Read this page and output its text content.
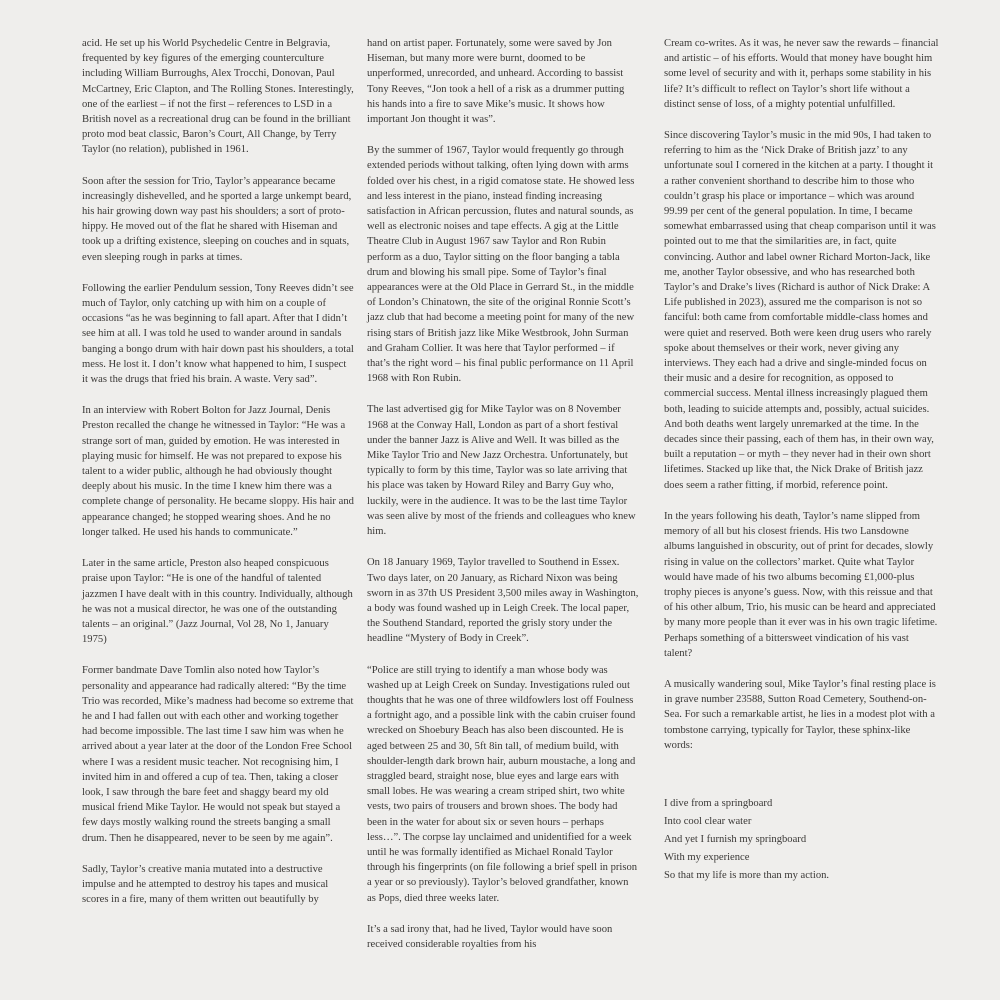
acid. He set up his World Psychedelic Centre in Belgravia, frequented by key figures of the emerging counterculture including William Burroughs, Alex Trocchi, Donovan, Paul McCartney, Eric Clapton, and The Rolling Stones. Interestingly, one of the earliest – if not the first – references to LSD in a British novel as a recreational drug can be found in the brilliant proto mod beat classic, Baron’s Court, All Change, by Terry Taylor (no relation), published in 1961.

Soon after the session for Trio, Taylor’s appearance became increasingly dishevelled, and he sported a large unkempt beard, his hair growing down way past his shoulders; a sort of proto-hippy. He moved out of the flat he shared with Hiseman and took up a drifting existence, sleeping on couches and in squats, even sleeping rough in parks at times.

Following the earlier Pendulum session, Tony Reeves didn’t see much of Taylor, only catching up with him on a couple of occasions “as he was beginning to fall apart. After that I didn’t see him at all. I was told he used to wander around in sandals banging a bongo drum with hair down past his shoulders, a total mess. He lost it. I don’t know what happened to him, I suspect it was the drugs that fried his brain. A waste. Very sad”.

In an interview with Robert Bolton for Jazz Journal, Denis Preston recalled the change he witnessed in Taylor: “He was a strange sort of man, guided by emotion. He was interested in playing music for himself. He was not prepared to expose his talent to a wider public, although he had obviously thought deeply about his music. In the time I knew him there was a complete change of personality. He became sloppy. His hair and appearance changed; he stopped wearing shoes. And he no longer talked. He used his hands to communicate.”

Later in the same article, Preston also heaped conspicuous praise upon Taylor: “He is one of the handful of talented jazzmen I have dealt with in this country. Individually, although he was not a musical director, he was one of the outstanding talents – an original.” (Jazz Journal, Vol 28, No 1, January 1975)

Former bandmate Dave Tomlin also noted how Taylor’s personality and appearance had radically altered: “By the time Trio was recorded, Mike’s madness had become so extreme that he and I had fallen out with each other and working together had become impossible. The last time I saw him was when he arrived about a year later at the door of the London Free School where I was a resident music teacher. Not recognising him, I invited him in and offered a cup of tea. Then, taking a closer look, I saw through the bare feet and shaggy beard my old musical friend Mike Taylor. He would not speak but stayed a few days mostly walking round the streets banging a small drum. Then he disappeared, never to be seen by me again”.

Sadly, Taylor’s creative mania mutated into a destructive impulse and he attempted to destroy his tapes and musical scores in a fire, many of them written out beautifully by

hand on artist paper. Fortunately, some were saved by Jon Hiseman, but many more were burnt, doomed to be unperformed, unrecorded, and unheard. According to bassist Tony Reeves, “Jon took a hell of a risk as a drummer putting his hands into a fire to save Mike’s music. It shows how important Jon thought it was”.

By the summer of 1967, Taylor would frequently go through extended periods without talking, often lying down with arms folded over his chest, in a rigid comatose state. He showed less and less interest in the piano, instead finding increasing satisfaction in African percussion, flutes and natural sounds, as well as electronic noises and tape effects. A gig at the Little Theatre Club in August 1967 saw Taylor and Ron Rubin perform as a duo, Taylor sitting on the floor banging a tabla drum and blowing his small pipe. Some of Taylor’s final appearances were at the Old Place in Gerrard St., in the middle of London’s Chinatown, the site of the original Ronnie Scott’s jazz club that had become a meeting point for many of the new rising stars of British jazz like Mike Westbrook, John Surman and Graham Collier. It was here that Taylor performed – if that’s the right word – his final public performance on 11 April 1968 with Ron Rubin.

The last advertised gig for Mike Taylor was on 8 November 1968 at the Conway Hall, London as part of a short festival under the banner Jazz is Alive and Well. It was billed as the Mike Taylor Trio and New Jazz Orchestra. Unfortunately, but typically to form by this time, Taylor was so late arriving that his place was taken by Howard Riley and Barry Guy who, luckily, were in the audience. It was to be the last time Taylor was seen alive by most of the friends and colleagues who knew him.

On 18 January 1969, Taylor travelled to Southend in Essex. Two days later, on 20 January, as Richard Nixon was being sworn in as 37th US President 3,500 miles away in Washington, a body was found washed up in Leigh Creek. The local paper, the Southend Standard, reported the grisly story under the headline “Mystery of Body in Creek”.

“Police are still trying to identify a man whose body was washed up at Leigh Creek on Sunday. Investigations ruled out thoughts that he was one of three wildfowlers lost off Foulness a fortnight ago, and a possible link with the cabin cruiser found wrecked on Shoebury Beach has also been discounted. He is aged between 25 and 30, 5ft 8in tall, of medium build, with shoulder-length dark brown hair, auburn moustache, a long and straggled beard, straight nose, blue eyes and large ears with small lobes. He was wearing a cream striped shirt, two white vests, two pairs of trousers and brown shoes. The body had been in the water for about six or seven hours – perhaps less…”. The corpse lay unclaimed and unidentified for a week until he was formally identified as Michael Ronald Taylor through his fingerprints (on file following a brief spell in prison a year or so previously). Taylor’s beloved grandfather, known as Pops, died three weeks later.

It’s a sad irony that, had he lived, Taylor would have soon received considerable royalties from his

Cream co-writes. As it was, he never saw the rewards – financial and artistic – of his efforts. Would that money have bought him some level of security and with it, perhaps some stability in his life? It’s difficult to reflect on Taylor’s short life without a distinct sense of loss, of a mighty potential unfulfilled.

Since discovering Taylor’s music in the mid 90s, I had taken to referring to him as the ‘Nick Drake of British jazz’ to any unfortunate soul I cornered in the kitchen at a party. I thought it a rather convenient shorthand to describe him to those who couldn’t grasp his place or importance – which was around 99.99 per cent of the general population. In time, I became somewhat embarrassed using that cheap comparison until it was pointed out to me that the similarities are, in fact, quite convincing. Author and label owner Richard Morton-Jack, like me, another Taylor obsessive, and who has researched both Taylor’s and Drake’s lives (Richard is author of Nick Drake: A Life published in 2023), assured me the comparison is not so fanciful: both came from comfortable middle-class homes and were quiet and reserved. Both were keen drug users who rarely spoke about themselves or their work, never giving any interviews. They each had a drive and single-minded focus on their music and a desire for recognition, as opposed to commercial success. Mental illness increasingly plagued them both, leading to suicide attempts and, possibly, actual suicides. And both deaths went largely unremarked at the time. In the decades since their passing, each of them has, in their own way, built a reputation – or myth – they never had in their own short lifetimes. Stacked up like that, the Nick Drake of British jazz does seem a rather fitting, if morbid, reference point.

In the years following his death, Taylor’s name slipped from memory of all but his closest friends. His two Lansdowne albums languished in obscurity, out of print for decades, slowly rising in value on the collectors’ market. Quite what Taylor would have made of his two albums becoming £1,000-plus trophy pieces is anyone’s guess. Now, with this reissue and that of his other album, Trio, his music can be heard and appreciated by many more people than it ever was in his own tragic lifetime. Perhaps something of a bittersweet vindication of his vast talent?

A musically wandering soul, Mike Taylor’s final resting place is in grave number 23588, Sutton Road Cemetery, Southend-on-Sea. For such a remarkable artist, he lies in a modest plot with a tombstone carrying, typically for Taylor, these sphinx-like words:

I dive from a springboard
Into cool clear water
And yet I furnish my springboard
With my experience
So that my life is more than my action.
